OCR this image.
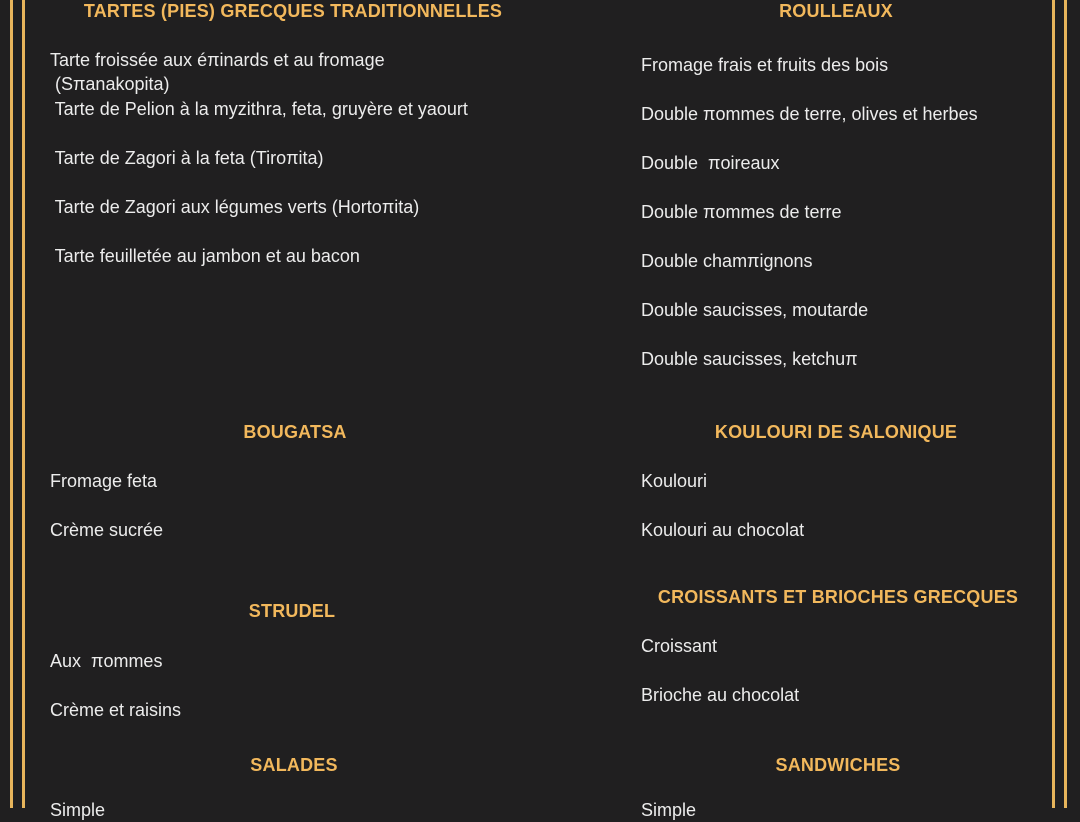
TARTES (PIES) GRECQUES TRADITIONNELLES
Tarte froissée aux éπinards et au fromage
(Sπanakopita)
Tarte de Pelion à la myzithra, feta, gruyère et yaourt
Tarte de Zagori à la feta (Tiroπita)
Tarte de Zagori aux légumes verts (Hortoπita)
Tarte feuilletée au jambon et au bacon
BOUGATSA
Fromage feta
Crème sucrée
STRUDEL
Aux  πommes
Crème et raisins
SALADES
Simple
ROULLEAUX
Fromage frais et fruits des bois
Double πommes de terre, olives et herbes
Double  πoireaux
Double πommes de terre
Double chamπignons
Double saucisses, moutarde
Double saucisses, ketchuπ
KOULOURI DE SALONIQUE
Koulouri
Koulouri au chocolat
CROISSANTS ET BRIOCHES GRECQUES
Croissant
Brioche au chocolat
SANDWICHES
Simple
